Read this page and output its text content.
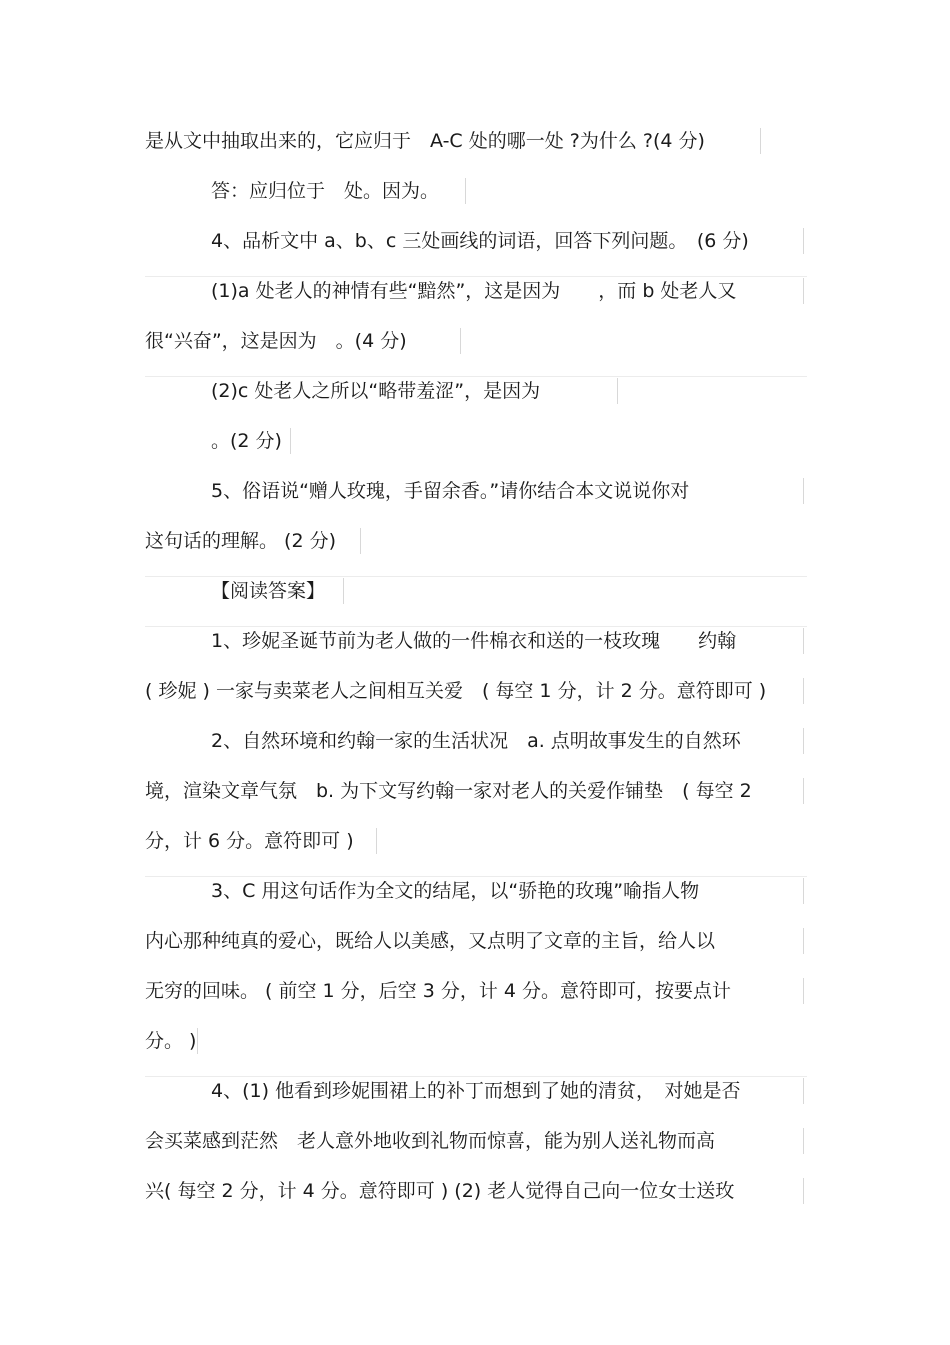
是从文中抽取出来的，它应归于　A-C 处的哪一处 ?为什么 ?(4 分)
答：应归位于　处。因为。
4、品析文中 a、b、c 三处画线的词语，回答下列问题。　(6 分)
(1)a 处老人的神情有些“黯然”，这是因为　　，而 b 处老人又
很“兴奋”，这是因为　。(4 分)
(2)c 处老人之所以“略带羞涩”，是因为
。(2 分)
5、俗语说“赠人玫瑰，手留余香。”请你结合本文说说你对
这句话的理解。 (2 分)
【阅读答案】
1、珍妮圣诞节前为老人做的一件棉衣和送的一枝玫瑰　　约翰
( 珍妮 ) 一家与卖菜老人之间相互关爱　( 每空 1 分，计 2 分。意符即可 )
2、自然环境和约翰一家的生活状况　a. 点明故事发生的自然环
境，渲染文章气氛　b. 为下文写约翰一家对老人的关爱作铺垫　( 每空 2
分，计 6 分。意符即可 )
3、C 用这句话作为全文的结尾，以“骄艳的玫瑰”喻指人物
内心那种纯真的爱心，既给人以美感，又点明了文章的主旨，给人以
无穷的回味。 ( 前空 1 分，后空 3 分，计 4 分。意符即可，按要点计
分。 )
4、(1) 他看到珍妮围裙上的补丁而想到了她的清贫，　对她是否
会买菜感到茫然　老人意外地收到礼物而惊喜，能为别人送礼物而高
兴( 每空 2 分，计 4 分。意符即可 ) (2) 老人觉得自己向一位女士送玫
